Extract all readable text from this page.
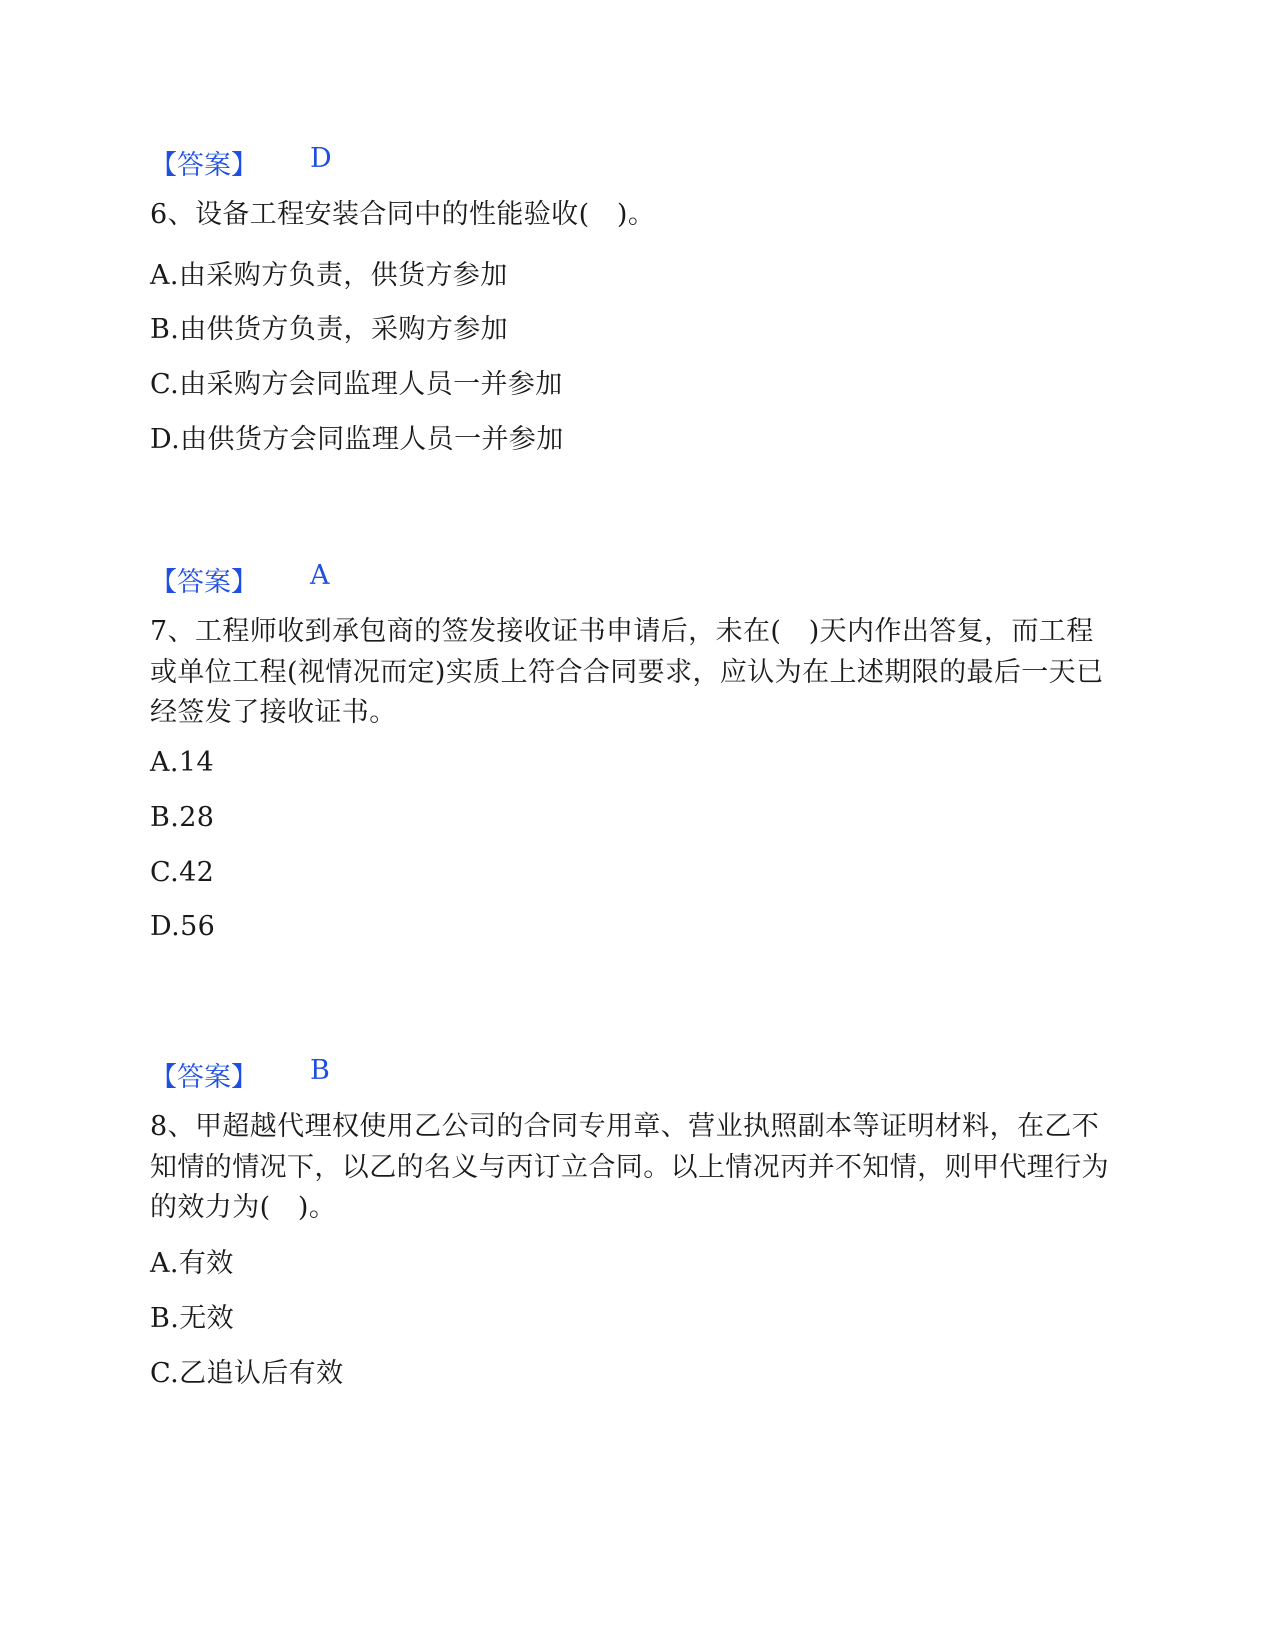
【答案】 D
6、设备工程安装合同中的性能验收(　)。
A.由采购方负责，供货方参加
B.由供货方负责，采购方参加
C.由采购方会同监理人员一并参加
D.由供货方会同监理人员一并参加
【答案】 A
7、工程师收到承包商的签发接收证书申请后，未在(　)天内作出答复，而工程或单位工程(视情况而定)实质上符合合同要求，应认为在上述期限的最后一天已经签发了接收证书。
A.14
B.28
C.42
D.56
【答案】 B
8、甲超越代理权使用乙公司的合同专用章、营业执照副本等证明材料，在乙不知情的情况下，以乙的名义与丙订立合同。以上情况丙并不知情，则甲代理行为的效力为(　)。
A.有效
B.无效
C.乙追认后有效
